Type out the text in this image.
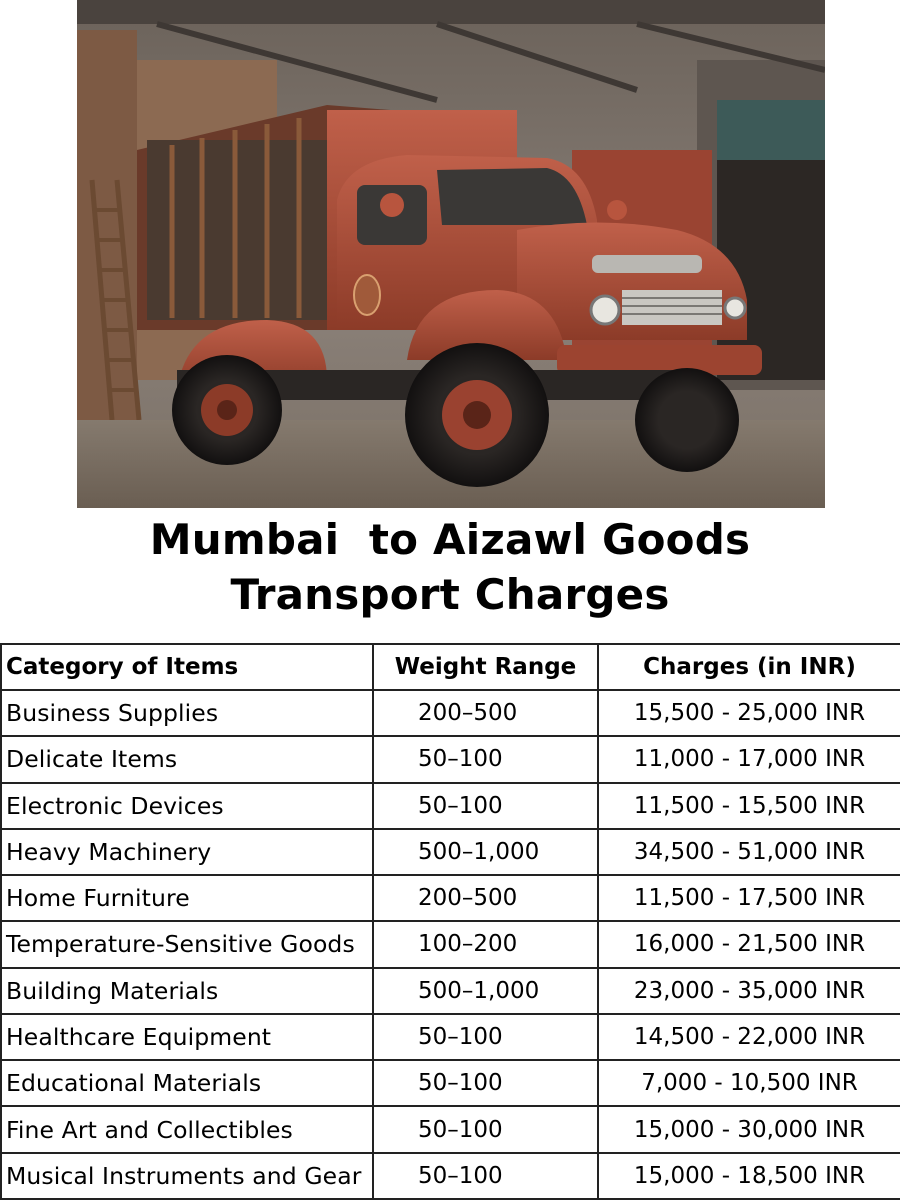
Mumbai  to Aizawl Goods
Transport Charges
Category of Items	Weight Range	Charges (in INR)
Business Supplies	200–500	15,500 - 25,000 INR
Delicate Items	50–100	11,000 - 17,000 INR
Electronic Devices	50–100	11,500 - 15,500 INR
Heavy Machinery	500–1,000	34,500 - 51,000 INR
Home Furniture	200–500	11,500 - 17,500 INR
Temperature-Sensitive Goods	100–200	16,000 - 21,500 INR
Building Materials	500–1,000	23,000 - 35,000 INR
Healthcare Equipment	50–100	14,500 - 22,000 INR
Educational Materials	50–100	7,000 - 10,500 INR
Fine Art and Collectibles	50–100	15,000 - 30,000 INR
Musical Instruments and Gear	50–100	15,000 - 18,500 INR
